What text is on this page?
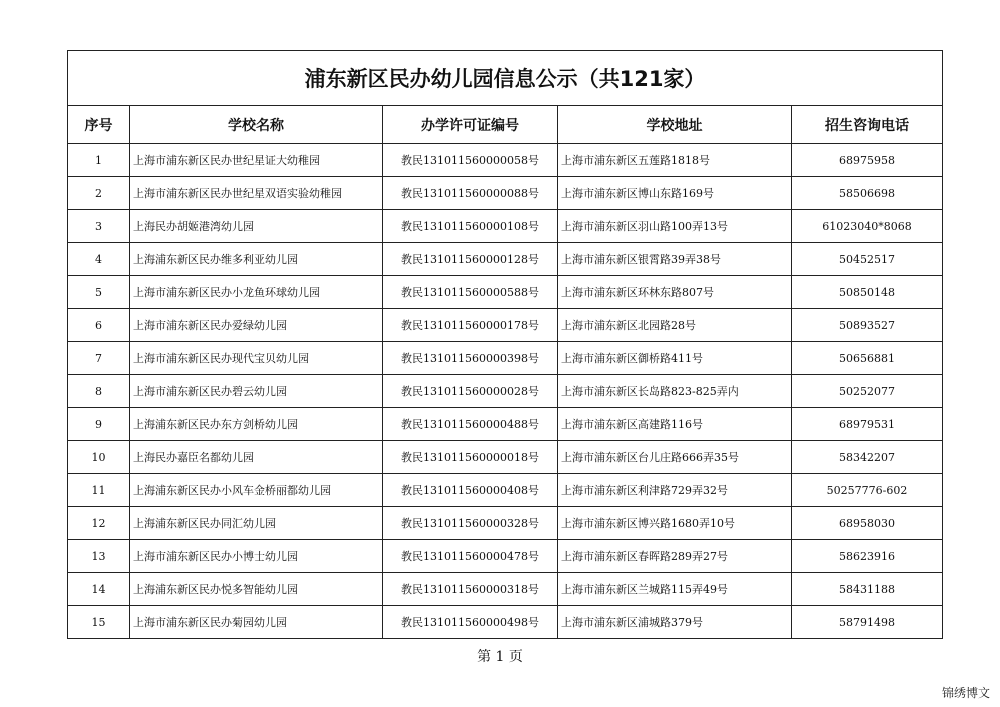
浦东新区民办幼儿园信息公示（共121家）				
序号	学校名称	办学许可证编号	学校地址	招生咨询电话
1	上海市浦东新区民办世纪星证大幼稚园	教民131011560000058号	上海市浦东新区五莲路1818号	68975958
2	上海市浦东新区民办世纪星双语实验幼稚园	教民131011560000088号	上海市浦东新区博山东路169号	58506698
3	上海民办胡姬港湾幼儿园	教民131011560000108号	上海市浦东新区羽山路100弄13号	61023040*8068
4	上海浦东新区民办维多利亚幼儿园	教民131011560000128号	上海市浦东新区银霄路39弄38号	50452517
5	上海市浦东新区民办小龙鱼环球幼儿园	教民131011560000588号	上海市浦东新区环林东路807号	50850148
6	上海市浦东新区民办爱绿幼儿园	教民131011560000178号	上海市浦东新区北园路28号	50893527
7	上海市浦东新区民办现代宝贝幼儿园	教民131011560000398号	上海市浦东新区御桥路411号	50656881
8	上海市浦东新区民办碧云幼儿园	教民131011560000028号	上海市浦东新区长岛路823-825弄内	50252077
9	上海浦东新区民办东方剑桥幼儿园	教民131011560000488号	上海市浦东新区高建路116号	68979531
10	上海民办嘉臣名都幼儿园	教民131011560000018号	上海市浦东新区台儿庄路666弄35号	58342207
11	上海浦东新区民办小风车金桥丽都幼儿园	教民131011560000408号	上海市浦东新区利津路729弄32号	50257776-602
12	上海浦东新区民办同汇幼儿园	教民131011560000328号	上海市浦东新区博兴路1680弄10号	68958030
13	上海市浦东新区民办小博士幼儿园	教民131011560000478号	上海市浦东新区春晖路289弄27号	58623916
14	上海浦东新区民办悦多智能幼儿园	教民131011560000318号	上海市浦东新区兰城路115弄49号	58431188
15	上海市浦东新区民办菊园幼儿园	教民131011560000498号	上海市浦东新区浦城路379号	58791498
第 1 页
锦绣博文
